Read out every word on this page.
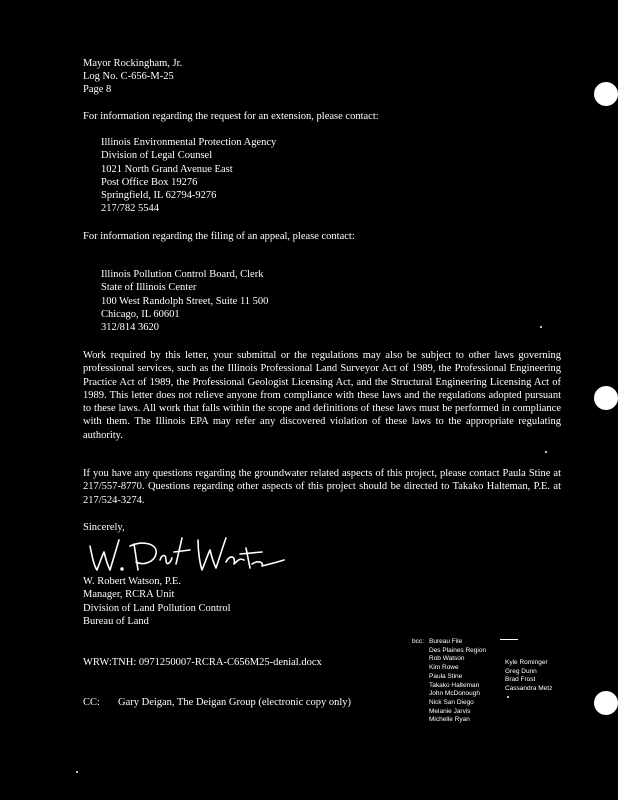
Mayor Rockingham, Jr.
Log No. C-656-M-25
Page 8
For information regarding the request for an extension, please contact:
Illinois Environmental Protection Agency
Division of Legal Counsel
1021 North Grand Avenue East
Post Office Box 19276
Springfield, IL 62794-9276
217/782 5544
For information regarding the filing of an appeal, please contact:
Illinois Pollution Control Board, Clerk
State of Illinois Center
100 West Randolph Street, Suite 11 500
Chicago, IL 60601
312/814 3620
Work required by this letter, your submittal or the regulations may also be subject to other laws governing professional services, such as the Illinois Professional Land Surveyor Act of 1989, the Professional Engineering Practice Act of 1989, the Professional Geologist Licensing Act, and the Structural Engineering Licensing Act of 1989. This letter does not relieve anyone from compliance with these laws and the regulations adopted pursuant to these laws. All work that falls within the scope and definitions of these laws must be performed in compliance with them. The Illinois EPA may refer any discovered violation of these laws to the appropriate regulating authority.
If you have any questions regarding the groundwater related aspects of this project, please contact Paula Stine at 217/557-8770. Questions regarding other aspects of this project should be directed to Takako Halteman, P.E. at 217/524-3274.
Sincerely,
W. Robert Watson, P.E.
Manager, RCRA Unit
Division of Land Pollution Control
Bureau of Land
WRW:TNH: 0971250007-RCRA-C656M25-denial.docx
CC: Gary Deigan, The Deigan Group (electronic copy only)
bcc: Bureau File
Des Plaines Region
Rob Watson
Kim Rowe
Paula Stine
Takako Halteman
John McDonough
Nick San Diego
Melanie Jarvis
Michelle Ryan
Kyle Rominger
Greg Dunn
Brad Frost
Cassandra Metz
